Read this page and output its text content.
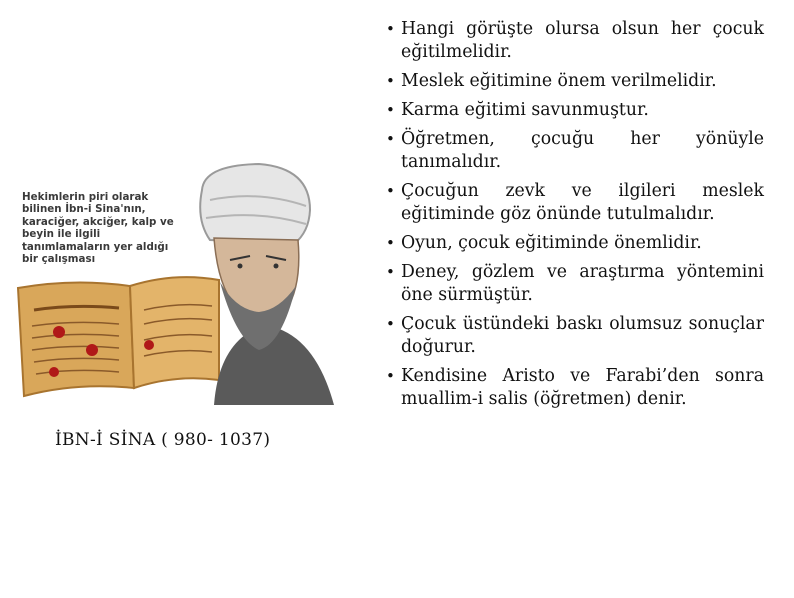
Hekimlerin piri olarak
bilinen İbn-i Sina'nın,
karaciğer, akciğer, kalp ve
beyin ile ilgili
tanımlamaların yer aldığı
bir çalışması
İBN-İ SİNA ( 980- 1037)
• Hangi görüşte olursa olsun her çocuk eğitilmelidir.
• Meslek eğitimine önem verilmelidir.
• Karma eğitimi savunmuştur.
• Öğretmen, çocuğu her yönüyle tanımalıdır.
• Çocuğun zevk ve ilgileri meslek eğitiminde göz önünde tutulmalıdır.
• Oyun, çocuk eğitiminde önemlidir.
• Deney, gözlem ve araştırma yöntemini öne sürmüştür.
• Çocuk üstündeki baskı olumsuz sonuçlar doğurur.
• Kendisine Aristo ve Farabi’den sonra muallim-i salis (öğretmen) denir.
